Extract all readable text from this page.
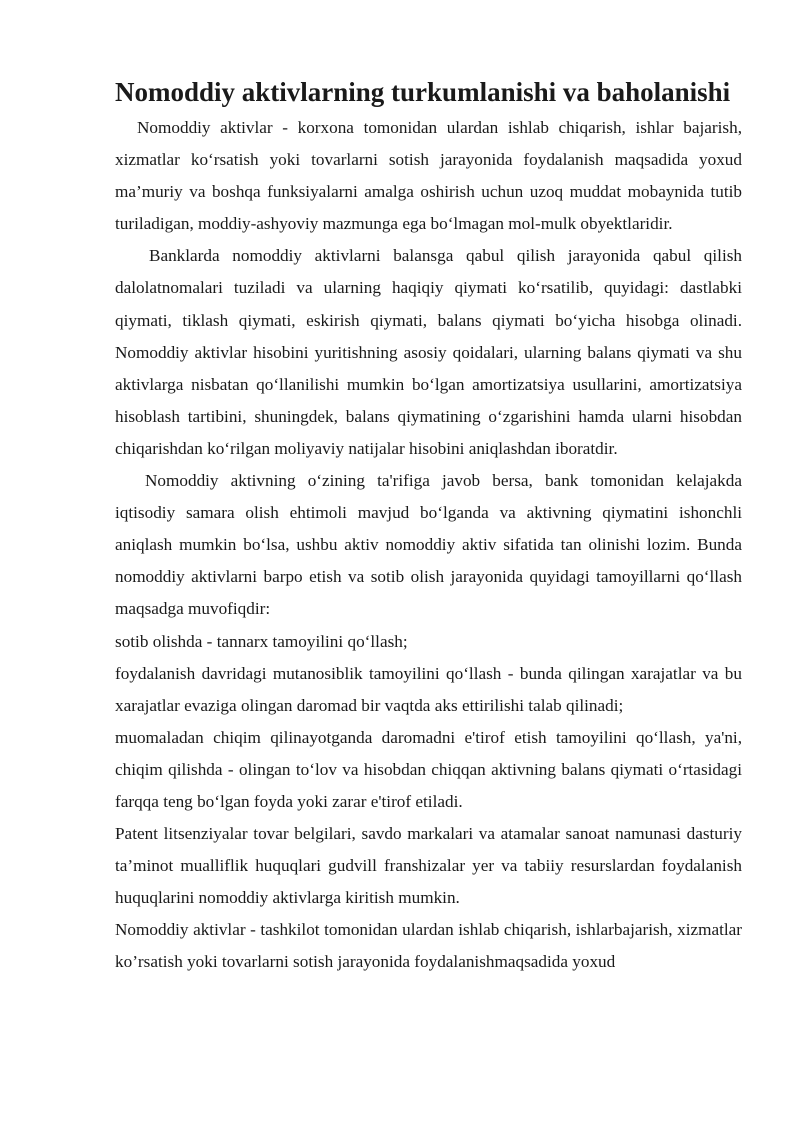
Nomoddiy aktivlarning turkumlanishi va baholanishi

Nomoddiy aktivlar - korxona tomonidan ulardan ishlab chiqarish, ishlar bajarish, xizmatlar ko‘rsatish yoki tovarlarni sotish jarayonida foydalanish maqsadida yoxud ma’muriy va boshqa funksiyalarni amalga oshirish uchun uzoq muddat mobaynida tutib turiladigan, moddiy-ashyoviy mazmunga ega bo‘lmagan mol-mulk obyektlaridir.

Banklarda nomoddiy aktivlarni balansga qabul qilish jarayonida qabul qilish dalolatnomalari tuziladi va ularning haqiqiy qiymati ko‘rsatilib, quyidagi: dastlabki qiymati, tiklash qiymati, eskirish qiymati, balans qiymati bo‘yicha hisobga olinadi. Nomoddiy aktivlar hisobini yuritishning asosiy qoidalari, ularning balans qiymati va shu aktivlarga nisbatan qo‘llanilishi mumkin bo‘lgan amortizatsiya usullarini, amortizatsiya hisoblash tartibini, shuningdek, balans qiymatining o‘zgarishini hamda ularni hisobdan chiqarishdan ko‘rilgan moliyaviy natijalar hisobini aniqlashdan iboratdir.

Nomoddiy aktivning o‘zining ta'rifiga javob bersa, bank tomonidan kelajakda iqtisodiy samara olish ehtimoli mavjud bo‘lganda va aktivning qiymatini ishonchli aniqlash mumkin bo‘lsa, ushbu aktiv nomoddiy aktiv sifatida tan olinishi lozim. Bunda nomoddiy aktivlarni barpo etish va sotib olish jarayonida quyidagi tamoyillarni qo‘llash maqsadga muvofiqdir:

sotib olishda - tannarx tamoyilini qo‘llash;

foydalanish davridagi mutanosiblik tamoyilini qo‘llash - bunda qilingan xarajatlar va bu xarajatlar evaziga olingan daromad bir vaqtda aks ettirilishi talab qilinadi;

muomaladan chiqim qilinayotganda daromadni e'tirof etish tamoyilini qo‘llash, ya'ni, chiqim qilishda - olingan to‘lov va hisobdan chiqqan aktivning balans qiymati o‘rtasidagi farqqa teng bo‘lgan foyda yoki zarar e'tirof etiladi.

Patent litsenziyalar tovar belgilari, savdo markalari va atamalar sanoat namunasi dasturiy ta’minot mualliflik huquqlari gudvill franshizalar yer va tabiiy resurslardan foydalanish huquqlarini nomoddiy aktivlarga kiritish mumkin.

Nomoddiy aktivlar - tashkilot tomonidan ulardan ishlab chiqarish, ishlarbajarish, xizmatlar ko’rsatish yoki tovarlarni sotish jarayonida foydalanishmaqsadida yoxud
